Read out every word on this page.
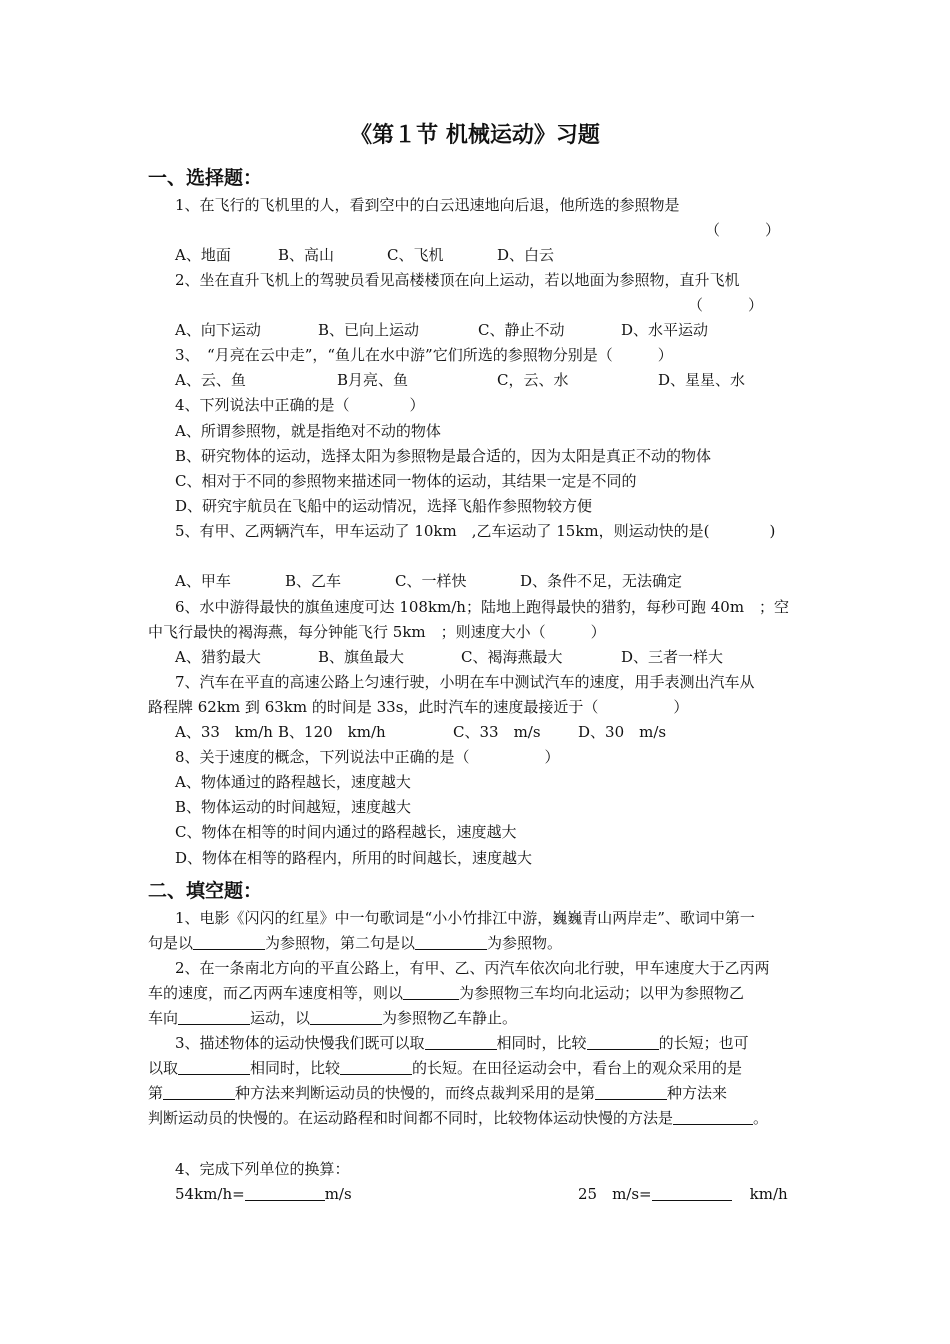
《第１节 机械运动》习题
一、选择题：
1、在飞行的飞机里的人，看到空中的白云迅速地向后退，他所选的参照物是
（　　　）
A、地面	B、高山	C、飞机	D、白云
2、坐在直升飞机上的驾驶员看见高楼楼顶在向上运动，若以地面为参照物，直升飞机
（　　　）
A、向下运动	B、已向上运动	C、静止不动	D、水平运动
3、　“月亮在云中走”，“鱼儿在水中游”它们所选的参照物分别是（　　　）
A、云、鱼	B月亮、鱼	C，云、水	D、星星、水
4、下列说法中正确的是（　　　　）
A、所谓参照物，就是指绝对不动的物体
B、研究物体的运动，选择太阳为参照物是最合适的，因为太阳是真正不动的物体
C、相对于不同的参照物来描述同一物体的运动，其结果一定是不同的
D、研究宇航员在飞船中的运动情况，选择飞船作参照物较方便
5、有甲、乙两辆汽车，甲车运动了 10km　,乙车运动了 15km，则运动快的是(　　　　)
A、甲车	B、乙车	C、一样快	D、条件不足，无法确定
6、水中游得最快的旗鱼速度可达 108km/h；陆地上跑得最快的猎豹，每秒可跑 40m　；空
中飞行最快的褐海燕，每分钟能飞行 5km　；则速度大小（　　　）
A、猎豹最大	B、旗鱼最大	C、褐海燕最大	D、三者一样大
7、汽车在平直的高速公路上匀速行驶，小明在车中测试汽车的速度，用手表测出汽车从
路程牌 62km 到 63km 的时间是 33s，此时汽车的速度最接近于（　　　　　）
A、33　km/h B、120　km/h	C、33　m/s D、30　m/s
8、关于速度的概念，下列说法中正确的是（　　　　　）
A、物体通过的路程越长，速度越大
B、物体运动的时间越短，速度越大
C、物体在相等的时间内通过的路程越长，速度越大
D、物体在相等的路程内，所用的时间越长，速度越大
二、填空题：
1、电影《闪闪的红星》中一句歌词是“小小竹排江中游，巍巍青山两岸走”、歌词中第一
句是以	为参照物，第二句是以	为参照物。
2、在一条南北方向的平直公路上，有甲、乙、丙汽车依次向北行驶，甲车速度大于乙丙两
车的速度，而乙丙两车速度相等，则以	为参照物三车均向北运动；以甲为参照物乙
车向	运动，以	为参照物乙车静止。
3、描述物体的运动快慢我们既可以取	相同时，比较	的长短；也可
以取	相同时，比较	的长短。在田径运动会中，看台上的观众采用的是
第	种方法来判断运动员的快慢的，而终点裁判采用的是第	种方法来
判断运动员的快慢的。在运动路程和时间都不同时，比较物体运动快慢的方法是	。
4、完成下列单位的换算：
54km/h=	m/s	25　m/s=	km/h
